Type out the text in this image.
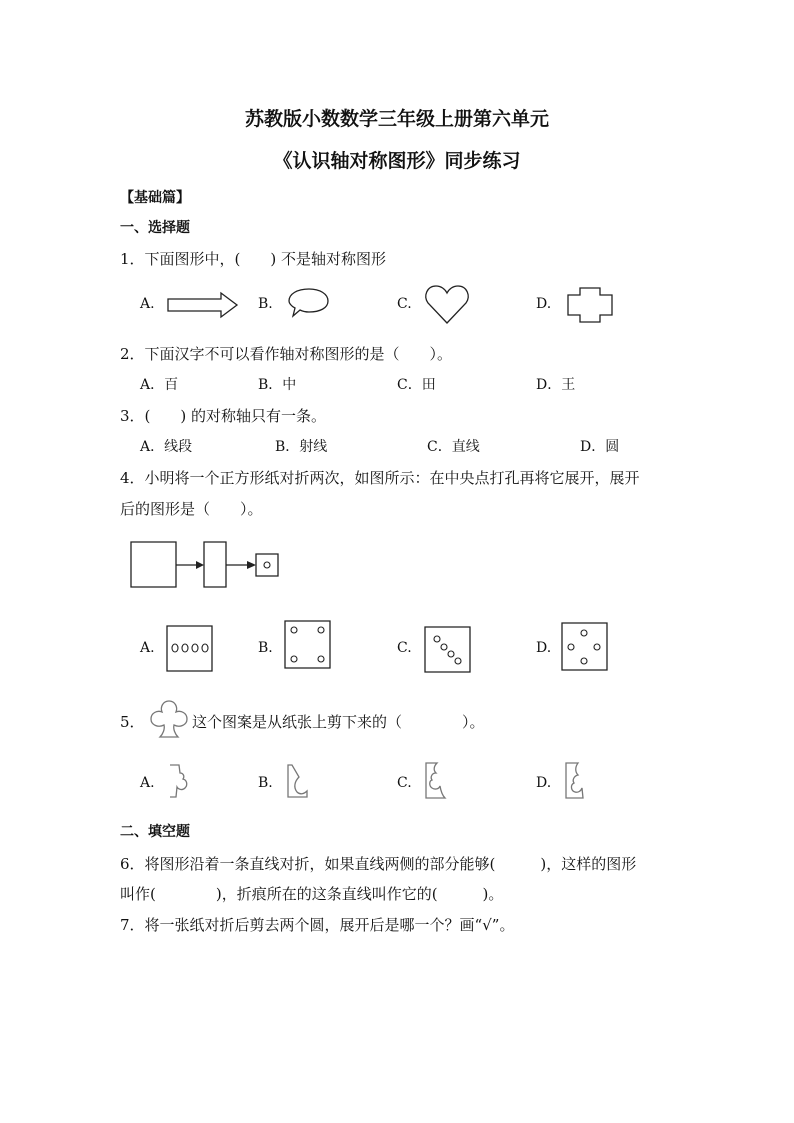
苏教版小数数学三年级上册第六单元
《认识轴对称图形》同步练习
【基础篇】
一、选择题
1．下面图形中，(　　) 不是轴对称图形
A.	B.	C.	D.
2．下面汉字不可以看作轴对称图形的是（　　）。
A．百	B．中	C．田	D．王
3．(　　) 的对称轴只有一条。
A．线段	B．射线	C．直线	D．圆
4．小明将一个正方形纸对折两次，如图所示：在中央点打孔再将它展开，展开
后的图形是（　　）。
A.	B.	C.	D.
5．	这个图案是从纸张上剪下来的（　　　　）。
A.	B.	C.	D.
二、填空题
6．将图形沿着一条直线对折，如果直线两侧的部分能够(　　　)，这样的图形
叫作(　　　　)，折痕所在的这条直线叫作它的(　　　)。
7．将一张纸对折后剪去两个圆，展开后是哪一个？画“√”。
